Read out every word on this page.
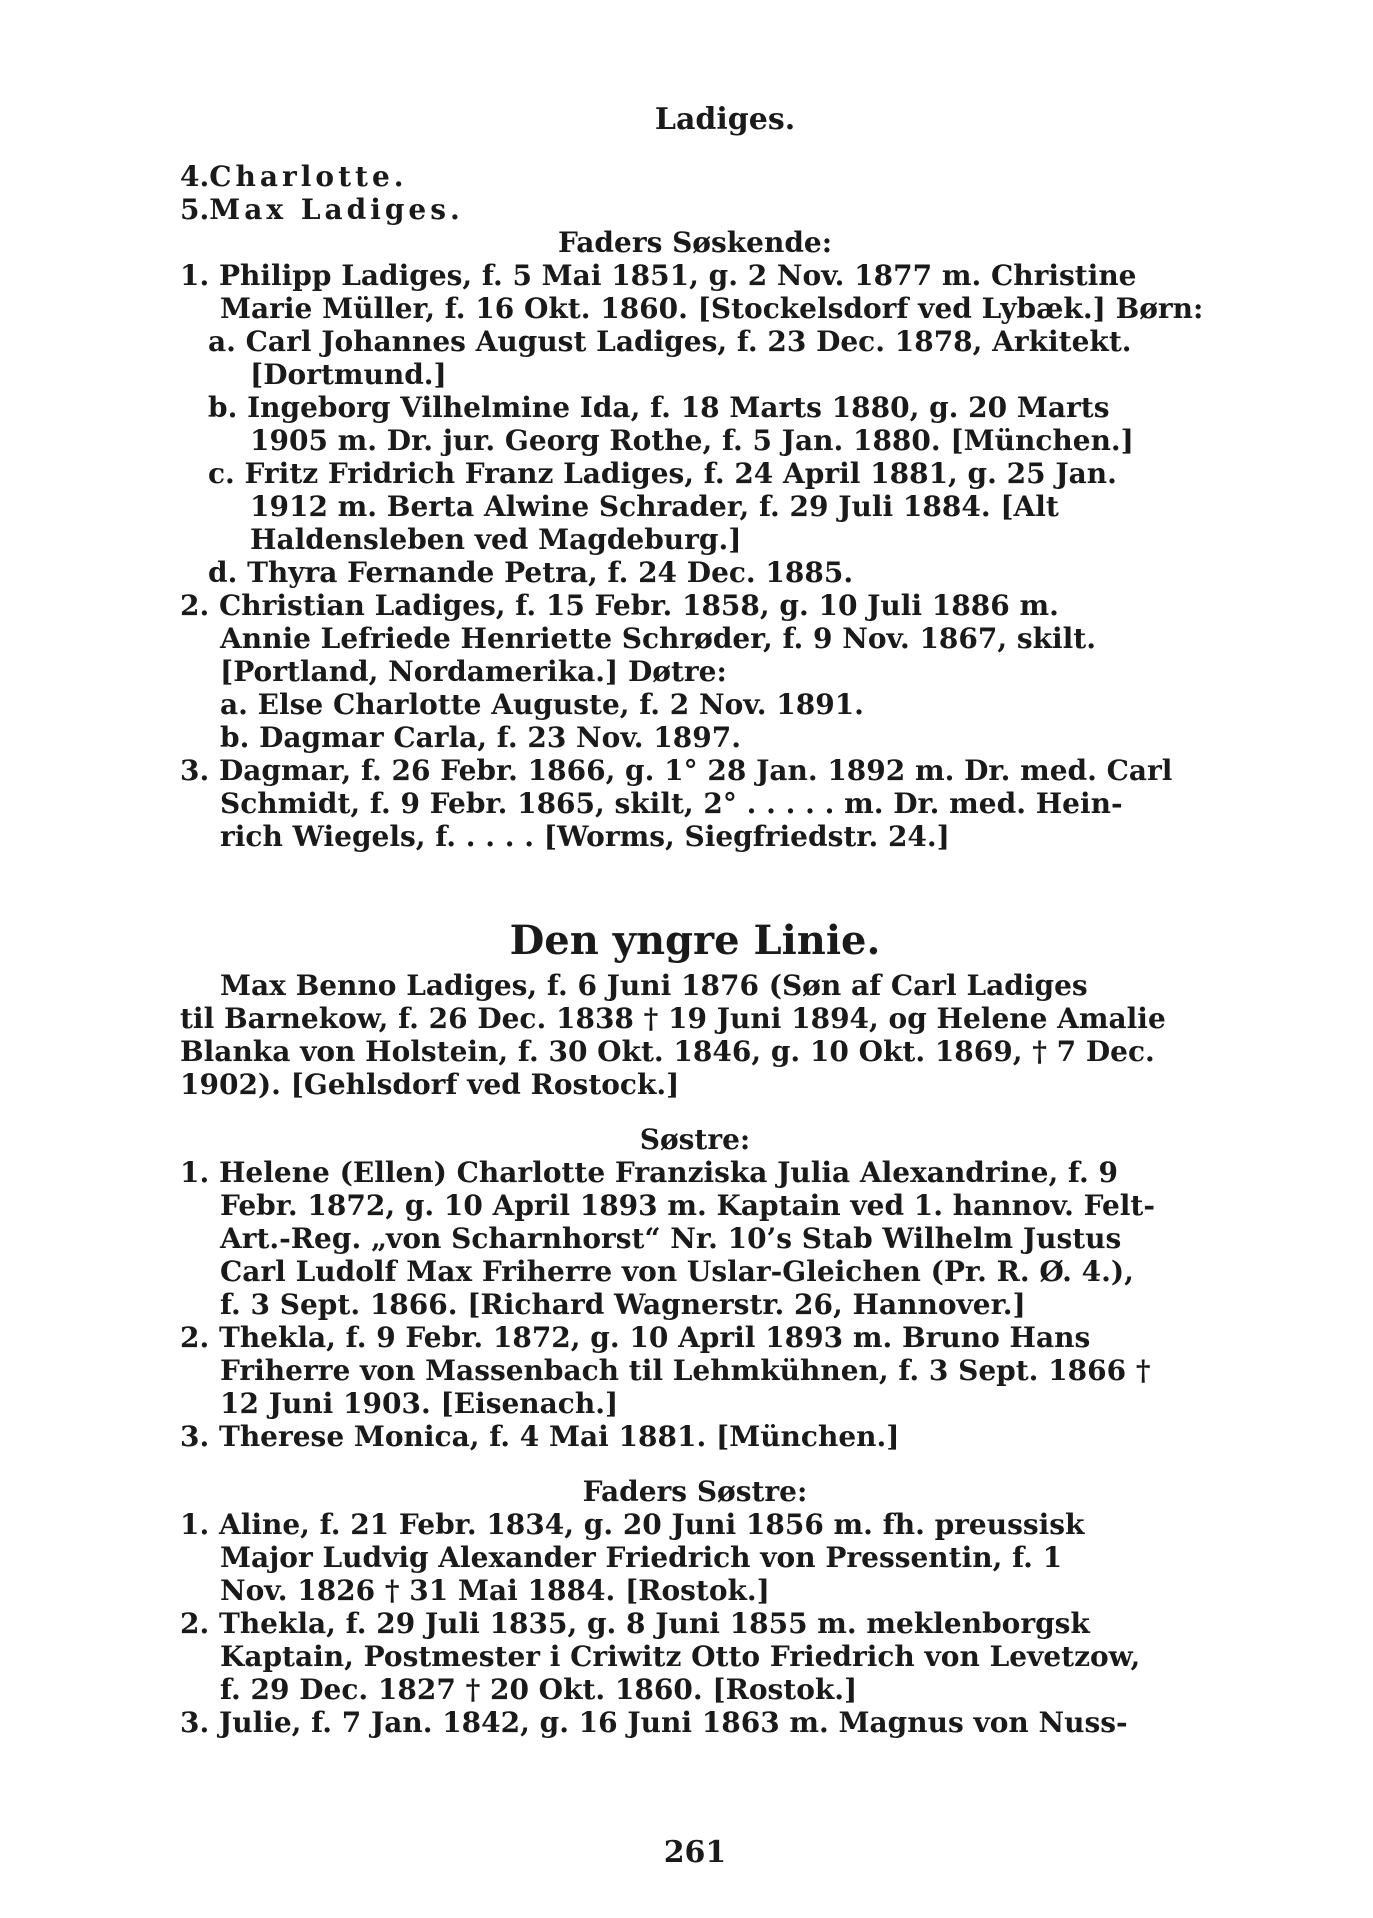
Ladiges.
4.Charlotte.
5.Max Ladiges.
Faders Søskende:
1. Philipp Ladiges, f. 5 Mai 1851, g. 2 Nov. 1877 m. Christine
Marie Müller, f. 16 Okt. 1860. [Stockelsdorf ved Lybæk.] Børn:
a. Carl Johannes August Ladiges, f. 23 Dec. 1878, Arkitekt.
[Dortmund.]
b. Ingeborg Vilhelmine Ida, f. 18 Marts 1880, g. 20 Marts
1905 m. Dr. jur. Georg Rothe, f. 5 Jan. 1880. [München.]
c. Fritz Fridrich Franz Ladiges, f. 24 April 1881, g. 25 Jan.
1912 m. Berta Alwine Schrader, f. 29 Juli 1884. [Alt
Haldensleben ved Magdeburg.]
d. Thyra Fernande Petra, f. 24 Dec. 1885.
2. Christian Ladiges, f. 15 Febr. 1858, g. 10 Juli 1886 m.
Annie Lefriede Henriette Schrøder, f. 9 Nov. 1867, skilt.
[Portland, Nordamerika.] Døtre:
a. Else Charlotte Auguste, f. 2 Nov. 1891.
b. Dagmar Carla, f. 23 Nov. 1897.
3. Dagmar, f. 26 Febr. 1866, g. 1° 28 Jan. 1892 m. Dr. med. Carl
Schmidt, f. 9 Febr. 1865, skilt, 2° . . . . . m. Dr. med. Hein-
rich Wiegels, f. . . . . [Worms, Siegfriedstr. 24.]
Den yngre Linie.
Max Benno Ladiges, f. 6 Juni 1876 (Søn af Carl Ladiges
til Barnekow, f. 26 Dec. 1838 † 19 Juni 1894, og Helene Amalie
Blanka von Holstein, f. 30 Okt. 1846, g. 10 Okt. 1869, † 7 Dec.
1902). [Gehlsdorf ved Rostock.]
Søstre:
1. Helene (Ellen) Charlotte Franziska Julia Alexandrine, f. 9
Febr. 1872, g. 10 April 1893 m. Kaptain ved 1. hannov. Felt-
Art.-Reg. „von Scharnhorst“ Nr. 10’s Stab Wilhelm Justus
Carl Ludolf Max Friherre von Uslar-Gleichen (Pr. R. Ø. 4.),
f. 3 Sept. 1866. [Richard Wagnerstr. 26, Hannover.]
2. Thekla, f. 9 Febr. 1872, g. 10 April 1893 m. Bruno Hans
Friherre von Massenbach til Lehmkühnen, f. 3 Sept. 1866 †
12 Juni 1903. [Eisenach.]
3. Therese Monica, f. 4 Mai 1881. [München.]
Faders Søstre:
1. Aline, f. 21 Febr. 1834, g. 20 Juni 1856 m. fh. preussisk
Major Ludvig Alexander Friedrich von Pressentin, f. 1
Nov. 1826 † 31 Mai 1884. [Rostok.]
2. Thekla, f. 29 Juli 1835, g. 8 Juni 1855 m. meklenborgsk
Kaptain, Postmester i Criwitz Otto Friedrich von Levetzow,
f. 29 Dec. 1827 † 20 Okt. 1860. [Rostok.]
3. Julie, f. 7 Jan. 1842, g. 16 Juni 1863 m. Magnus von Nuss-
261
